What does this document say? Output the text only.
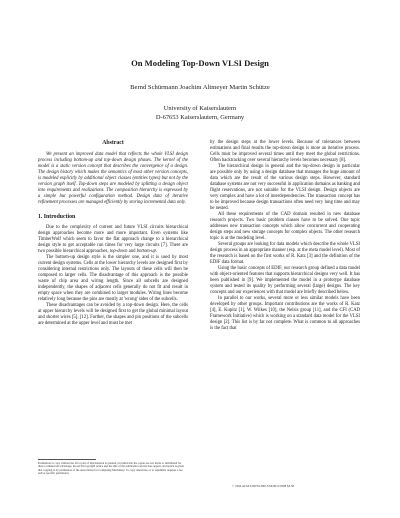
On Modeling Top-Down VLSI Design
Bernd Schürmann Joachim Altmeyer Martin Schütze
University of Kaiserslautern
D-67653 Kaiserslautern, Germany
Abstract

We present an improved data model that reflects the whole VLSI design process including bottom-up and top-down design phases. The kernel of the model is a static version concept that describes the convergence of a design. The design history which makes the semantics of most other version concepts, is modeled explicitly by additional object classes (entities types) but not by the version graph itself. Top-down steps are modeled by splitting a design object into requirements and realizations. The composition hierarchy is expressed by a simple but powerful configuration method. Design data of iterative refinement processes are managed efficiently by storing incremental data only.

1. Introduction

Due to the complexity of current and future VLSI circuits hierarchical design approaches become more and more important. Even systems like TimberWolf which seem to favor the flat approach change to a hierarchical design style to get acceptable run times for very large circuits [7]. There are two possible hierarchical approaches, top-down and bottom-up.

The bottom-up design style is the simpler one, and it is used by most current design systems. Cells at the lower hierarchy levels are designed first by considering internal restrictions only. The layouts of these cells will then be composed to larger cells. The disadvantage of this approach is the possible waste of chip area and wiring length. Since all subcells are designed independently, the shapes of adjacent cells generally do not fit and result in empty space when they are combined to larger modules. Wiring lines become relatively long because the pins are mostly at 'wrong' sides of the subcells.

These disadvantages can be avoided by a top-down design. Here, the cells at upper hierarchy levels will be designed first to get the global minimal layout and shorter wires [5], [12]. Further, the shapes and pin positions of the subcells are determined at the upper level and must be met

by the design steps at the lower levels. Because of tolerances between estimations and final results the top-down design is more an iterative process. Cells must be improved several times until they meet the global restrictions. Often backtracking over several hierarchy levels becomes necessary [8].

The hierarchical design in general and the top-down design in particular are possible only by using a design database that manages the huge amount of data which are the result of the various design steps. However, standard database systems are not very successful in application domains as banking and flight reservations, are not suitable for the VLSI design. Design objects are very complex and have a lot of interdependencies. The transaction concept has to be improved because design transactions often need very long time and may be nested.

All these requirements of the CAD domain resulted in new database research projects. Two basic problem classes have to be solved. One topic addresses new transaction concepts which allow concurrent and cooperating design steps and new storage concepts for complex objects. The other research topic is at the modeling level.

Several groups are looking for data models which describe the whole VLSI design process in an appropriate manner (esp. at the meta model level). Most of the research is based on the first works of R. Katz [3] and the definition of the EDIF data format.

Using the basic concepts of EDIF, our research group defined a data model with object-oriented features that supports hierarchical designs very well. It has been published in [9]. We implemented the model in a prototype database system and tested its quality by performing several (large) designs. The key concepts and our experiences with that model are briefly described below.

In parallel to our works, several more or less similar models have been developed by other groups. Important contributions are the works of R. Katz [4], E. Kupitz [1], W. Wilkes [10], the Nelsis group [11], and the CFI (CAD Framework Initiative) which is working on a standard data model for the VLSI design [2]. This list is by far not complete. What is common to all approaches is the fact that

Permission to copy without fee all or part of this material is granted, provided that the copies are not made or distributed for direct commercial advantage, the ACM copyright notice and the title of the publication and its date appear, and notice is given that copying is by permission of the Association for Computing Machinery. To copy otherwise, or to republish, requires a fee and/or specific permission.
© 1994 ACM 0-89791-690-5/94/0011/0508 $3.50
